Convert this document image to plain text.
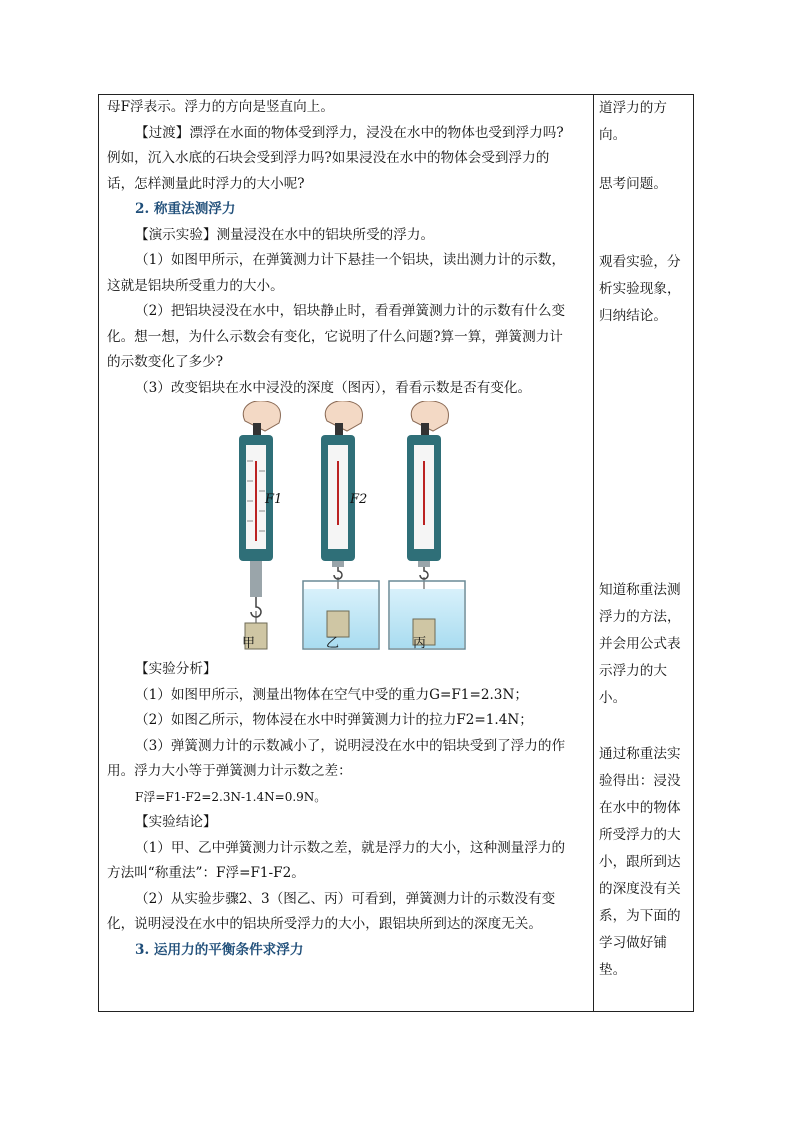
母F浮表示。浮力的方向是竖直向上。

【过渡】漂浮在水面的物体受到浮力，浸没在水中的物体也受到浮力吗?

例如，沉入水底的石块会受到浮力吗?如果浸没在水中的物体会受到浮力的

话，怎样测量此时浮力的大小呢?

2. 称重法测浮力

【演示实验】测量浸没在水中的铝块所受的浮力。

（1）如图甲所示，在弹簧测力计下悬挂一个铝块，读出测力计的示数，

这就是铝块所受重力的大小。

（2）把铝块浸没在水中，铝块静止时，看看弹簧测力计的示数有什么变

化。想一想，为什么示数会有变化，它说明了什么问题?算一算，弹簧测力计

的示数变化了多少?

（3）改变铝块在水中浸没的深度（图丙），看看示数是否有变化。

F1	F2
甲	乙	丙

【实验分析】

（1）如图甲所示，测量出物体在空气中受的重力G=F1=2.3N；

（2）如图乙所示，物体浸在水中时弹簧测力计的拉力F2=1.4N；

（3）弹簧测力计的示数减小了，说明浸没在水中的铝块受到了浮力的作

用。浮力大小等于弹簧测力计示数之差：

F浮=F1-F2=2.3N-1.4N=0.9N。

【实验结论】

（1）甲、乙中弹簧测力计示数之差，就是浮力的大小，这种测量浮力的

方法叫“称重法”：F浮=F1-F2。

（2）从实验步骤2、3（图乙、丙）可看到，弹簧测力计的示数没有变

化，说明浸没在水中的铝块所受浮力的大小，跟铝块所到达的深度无关。

3. 运用力的平衡条件求浮力

道浮力的方

向。

思考问题。

观看实验，分

析实验现象，

归纳结论。

知道称重法测

浮力的方法，

并会用公式表

示浮力的大

小。

通过称重法实

验得出：浸没

在水中的物体

所受浮力的大

小，跟所到达

的深度没有关

系，为下面的

学习做好铺

垫。
